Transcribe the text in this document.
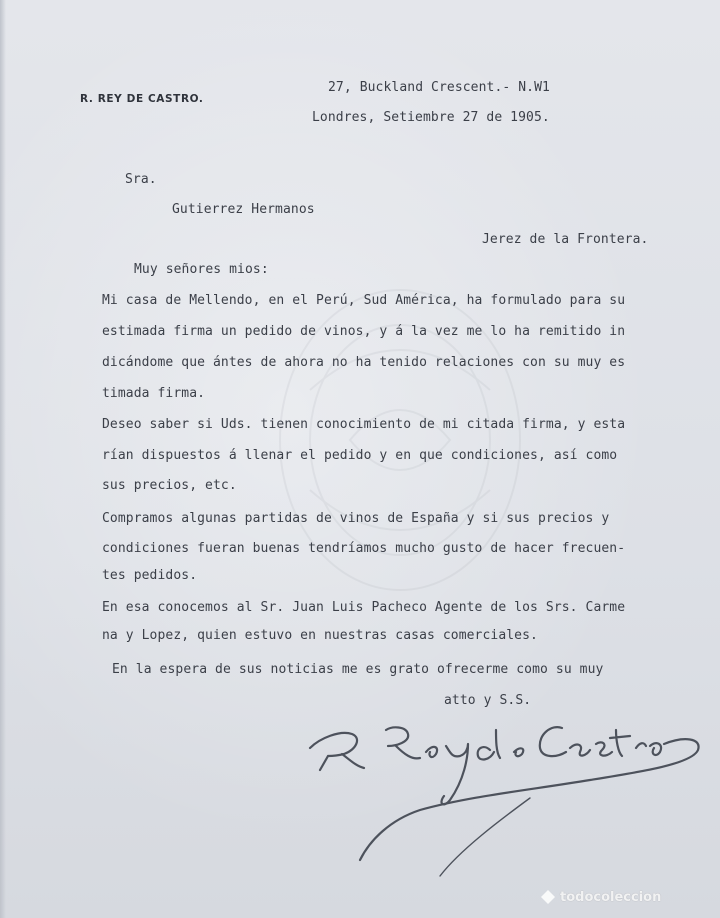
R. REY DE CASTRO.
27, Buckland Crescent.- N.W1
Londres, Setiembre 27 de 1905.
Sra.
Gutierrez Hermanos
Jerez de la Frontera.
Muy señores mios:
Mi casa de Mellendo, en el Perú, Sud América, ha formulado para su
estimada firma un pedido de vinos, y á la vez me lo ha remitido in
dicándome que ántes de ahora no ha tenido relaciones con su muy es
timada firma.
Deseo saber si Uds. tienen conocimiento de mi citada firma, y esta
rían dispuestos á llenar el pedido y en que condiciones, así como
sus precios, etc.
Compramos algunas partidas de vinos de España y si sus precios y
condiciones fueran buenas tendríamos mucho gusto de hacer frecuen-
tes pedidos.
En esa conocemos al Sr. Juan Luis Pacheco Agente de los Srs. Carme
na y Lopez, quien estuvo en nuestras casas comerciales.
En la espera de sus noticias me es grato ofrecerme como su muy
atto y S.S.
todocoleccion
